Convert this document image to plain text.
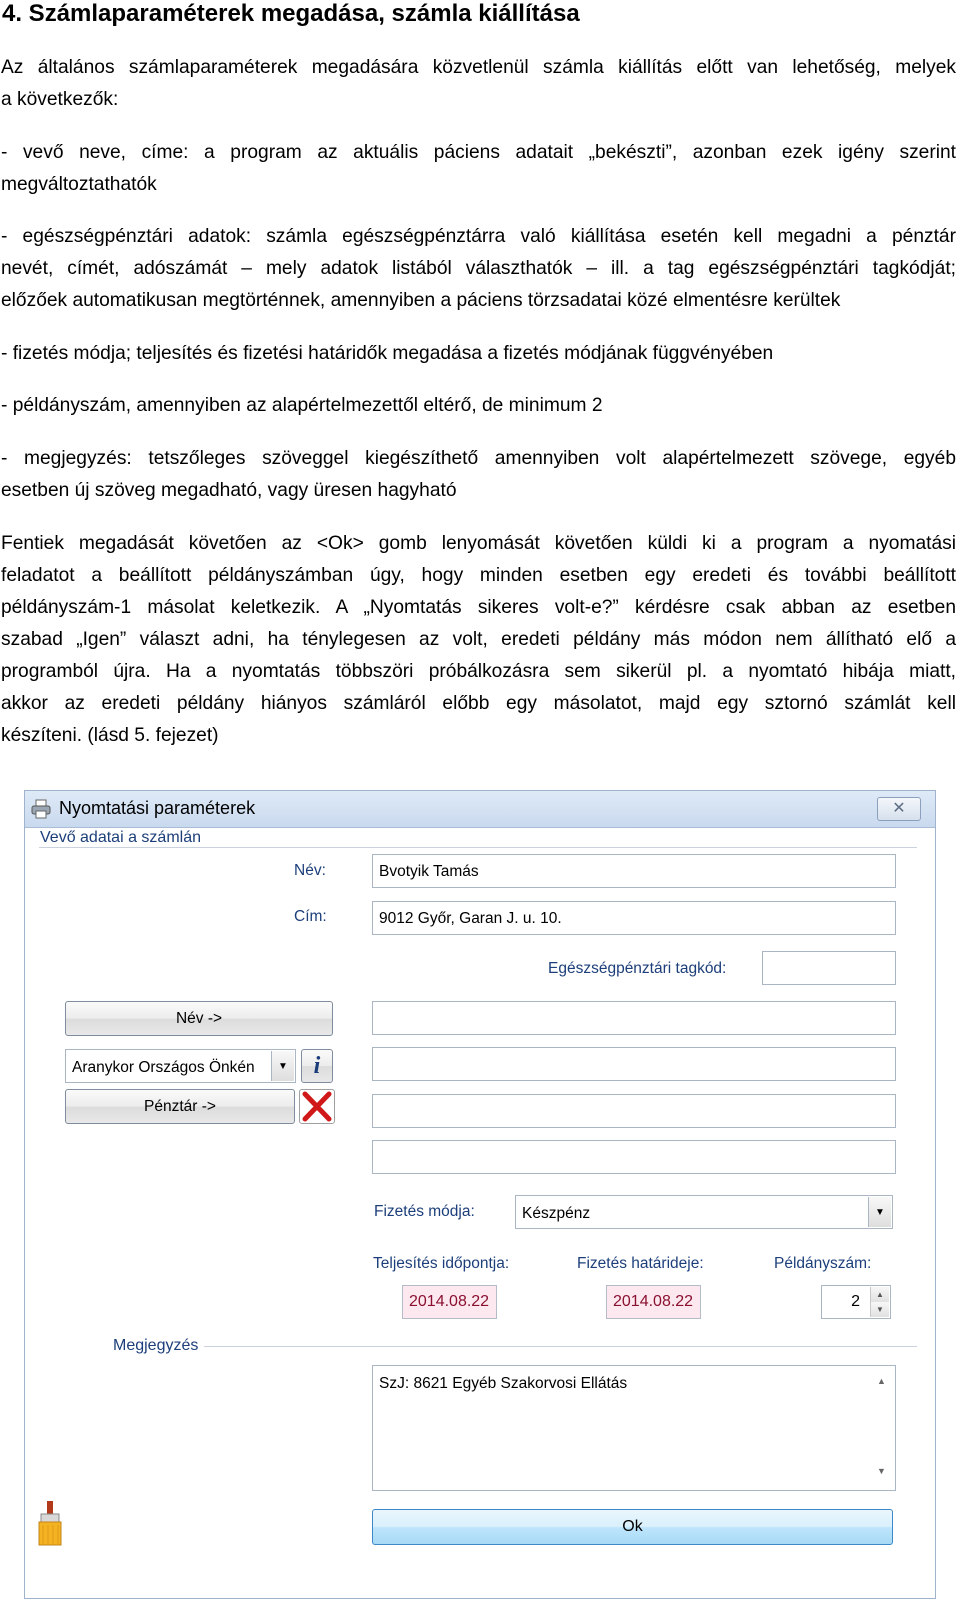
4. Számlaparaméterek megadása, számla kiállítása
Az általános számlaparaméterek megadására közvetlenül számla kiállítás előtt van lehetőség, melyek
a következők:
- vevő neve, címe: a program az aktuális páciens adatait „bekészti”, azonban ezek igény szerint
megváltoztathatók
- egészségpénztári adatok: számla egészségpénztárra való kiállítása esetén kell megadni a pénztár
nevét, címét, adószámát – mely adatok listából választhatók – ill. a tag egészségpénztári tagkódját;
előzőek automatikusan megtörténnek, amennyiben a páciens törzsadatai közé elmentésre kerültek
- fizetés módja; teljesítés és fizetési határidők megadása a fizetés módjának függvényében
- példányszám, amennyiben az alapértelmezettől eltérő, de minimum 2
- megjegyzés: tetszőleges szöveggel kiegészíthető amennyiben volt alapértelmezett szövege, egyéb
esetben új szöveg megadható, vagy üresen hagyható
Fentiek megadását követően az <Ok> gomb lenyomását követően küldi ki a program a nyomatási
feladatot a beállított példányszámban úgy, hogy minden esetben egy eredeti és további beállított
példányszám-1 másolat keletkezik. A „Nyomtatás sikeres volt-e?” kérdésre csak abban az esetben
szabad „Igen” választ adni, ha ténylegesen az volt, eredeti példány más módon nem állítható elő a
programból újra. Ha a nyomtatás többszöri próbálkozásra sem sikerül pl. a nyomtató hibája miatt,
akkor az eredeti példány hiányos számláról előbb egy másolatot, majd egy sztornó számlát kell
készíteni. (lásd 5. fejezet)
Nyomtatási paraméterek	✕
Vevő adatai a számlán
Név:	Bvotyik Tamás
Cím:	9012 Győr, Garan J. u. 10.
Egészségpénztári tagkód:
Név ->
Aranykor Országos Önkén	▼	i
Pénztár ->
Fizetés módja:	Készpénz	▼
Teljesítés időpontja:
2014.08.22
Fizetés határideje:
2014.08.22
Példányszám:
2	▲
▼
Megjegyzés
SzJ: 8621 Egyéb Szakorvosi Ellátás	▲
▼
Ok
